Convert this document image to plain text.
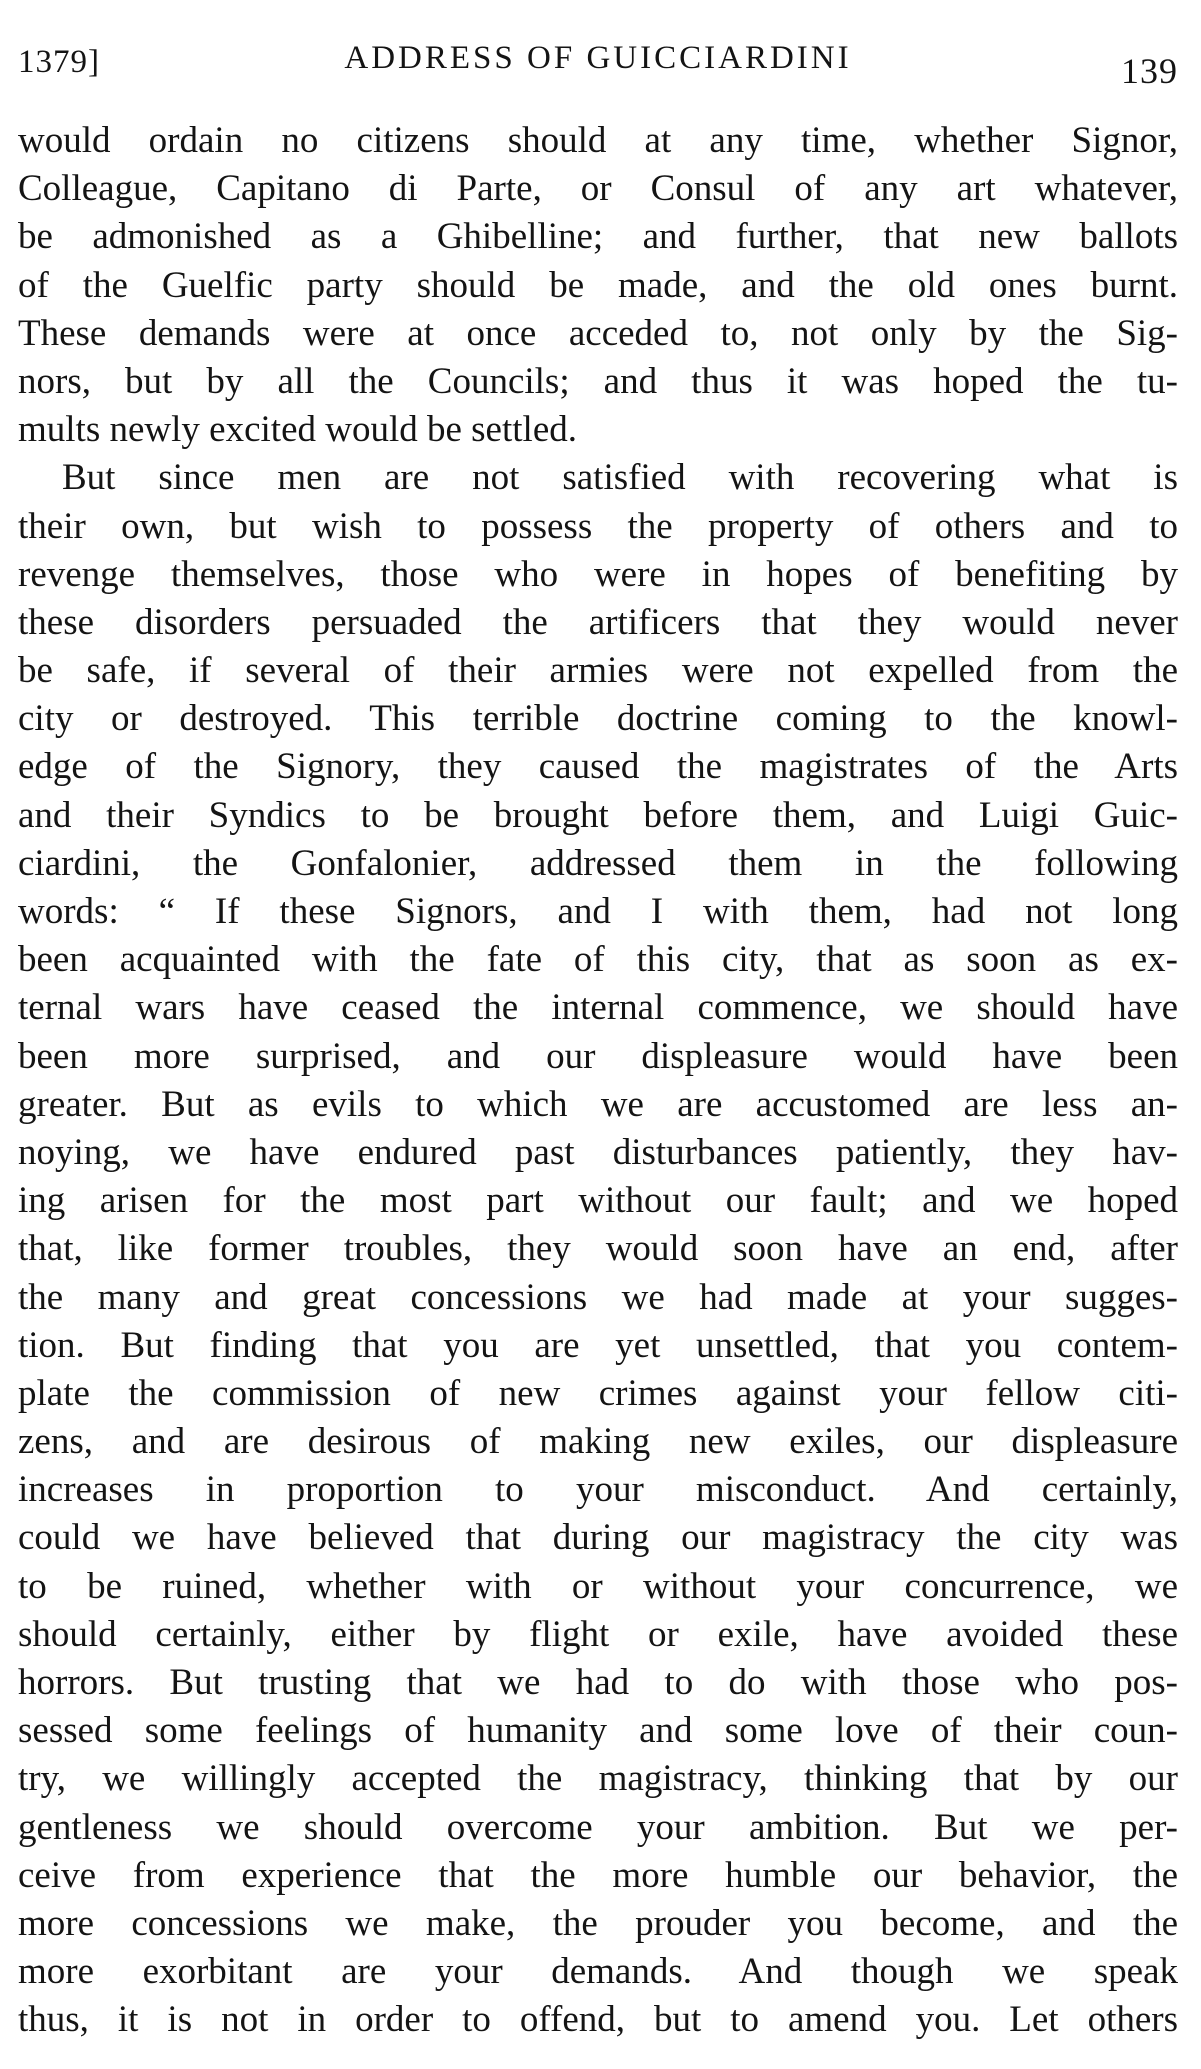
1379]	ADDRESS OF GUICCIARDINI	139
would ordain no citizens should at any time, whether Signor,
Colleague, Capitano di Parte, or Consul of any art whatever,
be admonished as a Ghibelline; and further, that new ballots
of the Guelfic party should be made, and the old ones burnt.
These demands were at once acceded to, not only by the Sig-
nors, but by all the Councils; and thus it was hoped the tu-
mults newly excited would be settled.
But since men are not satisfied with recovering what is
their own, but wish to possess the property of others and to
revenge themselves, those who were in hopes of benefiting by
these disorders persuaded the artificers that they would never
be safe, if several of their armies were not expelled from the
city or destroyed. This terrible doctrine coming to the knowl-
edge of the Signory, they caused the magistrates of the Arts
and their Syndics to be brought before them, and Luigi Guic-
ciardini, the Gonfalonier, addressed them in the following
words: “ If these Signors, and I with them, had not long
been acquainted with the fate of this city, that as soon as ex-
ternal wars have ceased the internal commence, we should have
been more surprised, and our displeasure would have been
greater. But as evils to which we are accustomed are less an-
noying, we have endured past disturbances patiently, they hav-
ing arisen for the most part without our fault; and we hoped
that, like former troubles, they would soon have an end, after
the many and great concessions we had made at your sugges-
tion. But finding that you are yet unsettled, that you contem-
plate the commission of new crimes against your fellow citi-
zens, and are desirous of making new exiles, our displeasure
increases in proportion to your misconduct. And certainly,
could we have believed that during our magistracy the city was
to be ruined, whether with or without your concurrence, we
should certainly, either by flight or exile, have avoided these
horrors. But trusting that we had to do with those who pos-
sessed some feelings of humanity and some love of their coun-
try, we willingly accepted the magistracy, thinking that by our
gentleness we should overcome your ambition. But we per-
ceive from experience that the more humble our behavior, the
more concessions we make, the prouder you become, and the
more exorbitant are your demands. And though we speak
thus, it is not in order to offend, but to amend you. Let others
